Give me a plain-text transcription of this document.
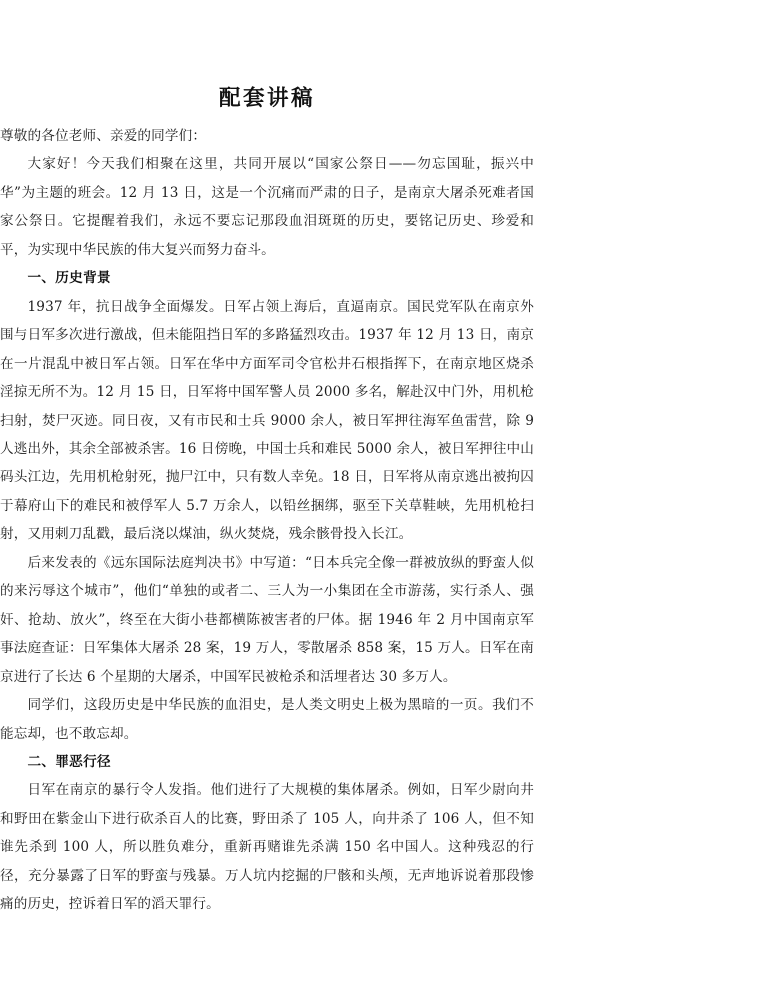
配套讲稿

尊敬的各位老师、亲爱的同学们：

大家好！今天我们相聚在这里，共同开展以“国家公祭日——勿忘国耻，振兴中华”为主题的班会。12 月 13 日，这是一个沉痛而严肃的日子，是南京大屠杀死难者国家公祭日。它提醒着我们，永远不要忘记那段血泪斑斑的历史，要铭记历史、珍爱和平，为实现中华民族的伟大复兴而努力奋斗。

一、历史背景

1937 年，抗日战争全面爆发。日军占领上海后，直逼南京。国民党军队在南京外围与日军多次进行激战，但未能阻挡日军的多路猛烈攻击。1937 年 12 月 13 日，南京在一片混乱中被日军占领。日军在华中方面军司令官松井石根指挥下，在南京地区烧杀淫掠无所不为。12 月 15 日，日军将中国军警人员 2000 多名，解赴汉中门外，用机枪扫射，焚尸灭迹。同日夜，又有市民和士兵 9000 余人，被日军押往海军鱼雷营，除 9 人逃出外，其余全部被杀害。16 日傍晚，中国士兵和难民 5000 余人，被日军押往中山码头江边，先用机枪射死，抛尸江中，只有数人幸免。18 日，日军将从南京逃出被拘囚于幕府山下的难民和被俘军人 5.7 万余人，以铅丝捆绑，驱至下关草鞋峡，先用机枪扫射，又用刺刀乱戳，最后浇以煤油，纵火焚烧，残余骸骨投入长江。

后来发表的《远东国际法庭判决书》中写道：“日本兵完全像一群被放纵的野蛮人似的来污辱这个城市”，他们“单独的或者二、三人为一小集团在全市游荡，实行杀人、强奸、抢劫、放火”，终至在大街小巷都横陈被害者的尸体。据 1946 年 2 月中国南京军事法庭查证：日军集体大屠杀 28 案，19 万人，零散屠杀 858 案，15 万人。日军在南京进行了长达 6 个星期的大屠杀，中国军民被枪杀和活埋者达 30 多万人。

同学们，这段历史是中华民族的血泪史，是人类文明史上极为黑暗的一页。我们不能忘却，也不敢忘却。

二、罪恶行径

日军在南京的暴行令人发指。他们进行了大规模的集体屠杀。例如，日军少尉向井和野田在紫金山下进行砍杀百人的比赛，野田杀了 105 人，向井杀了 106 人，但不知谁先杀到 100 人，所以胜负难分，重新再赌谁先杀满 150 名中国人。这种残忍的行径，充分暴露了日军的野蛮与残暴。万人坑内挖掘的尸骸和头颅，无声地诉说着那段惨痛的历史，控诉着日军的滔天罪行。
